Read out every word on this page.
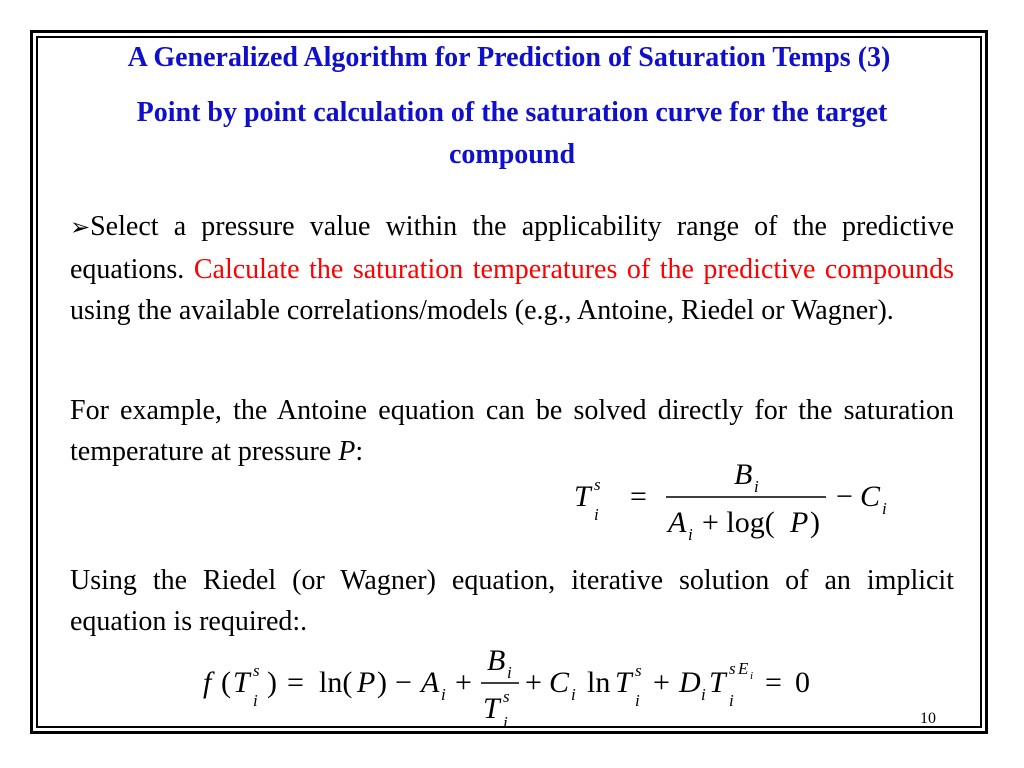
A Generalized Algorithm for Prediction of Saturation Temps (3)
Point by point calculation of the saturation curve for the target compound

➢Select a pressure value within the applicability range of the predictive equations. Calculate the saturation temperatures of the predictive compounds using the available correlations/models (e.g., Antoine, Riedel or Wagner).

For example, the Antoine equation can be solved directly for the saturation temperature at pressure P:

T s
i
=
B i
A i + log( P )
− C i

Using the Riedel (or Wagner) equation, iterative solution of an implicit equation is required:.

f ( T s
i
) = ln( P ) − A i +
B i
T s
i
+ C i ln T s
i
+ D i T s E i
i
= 0
10
